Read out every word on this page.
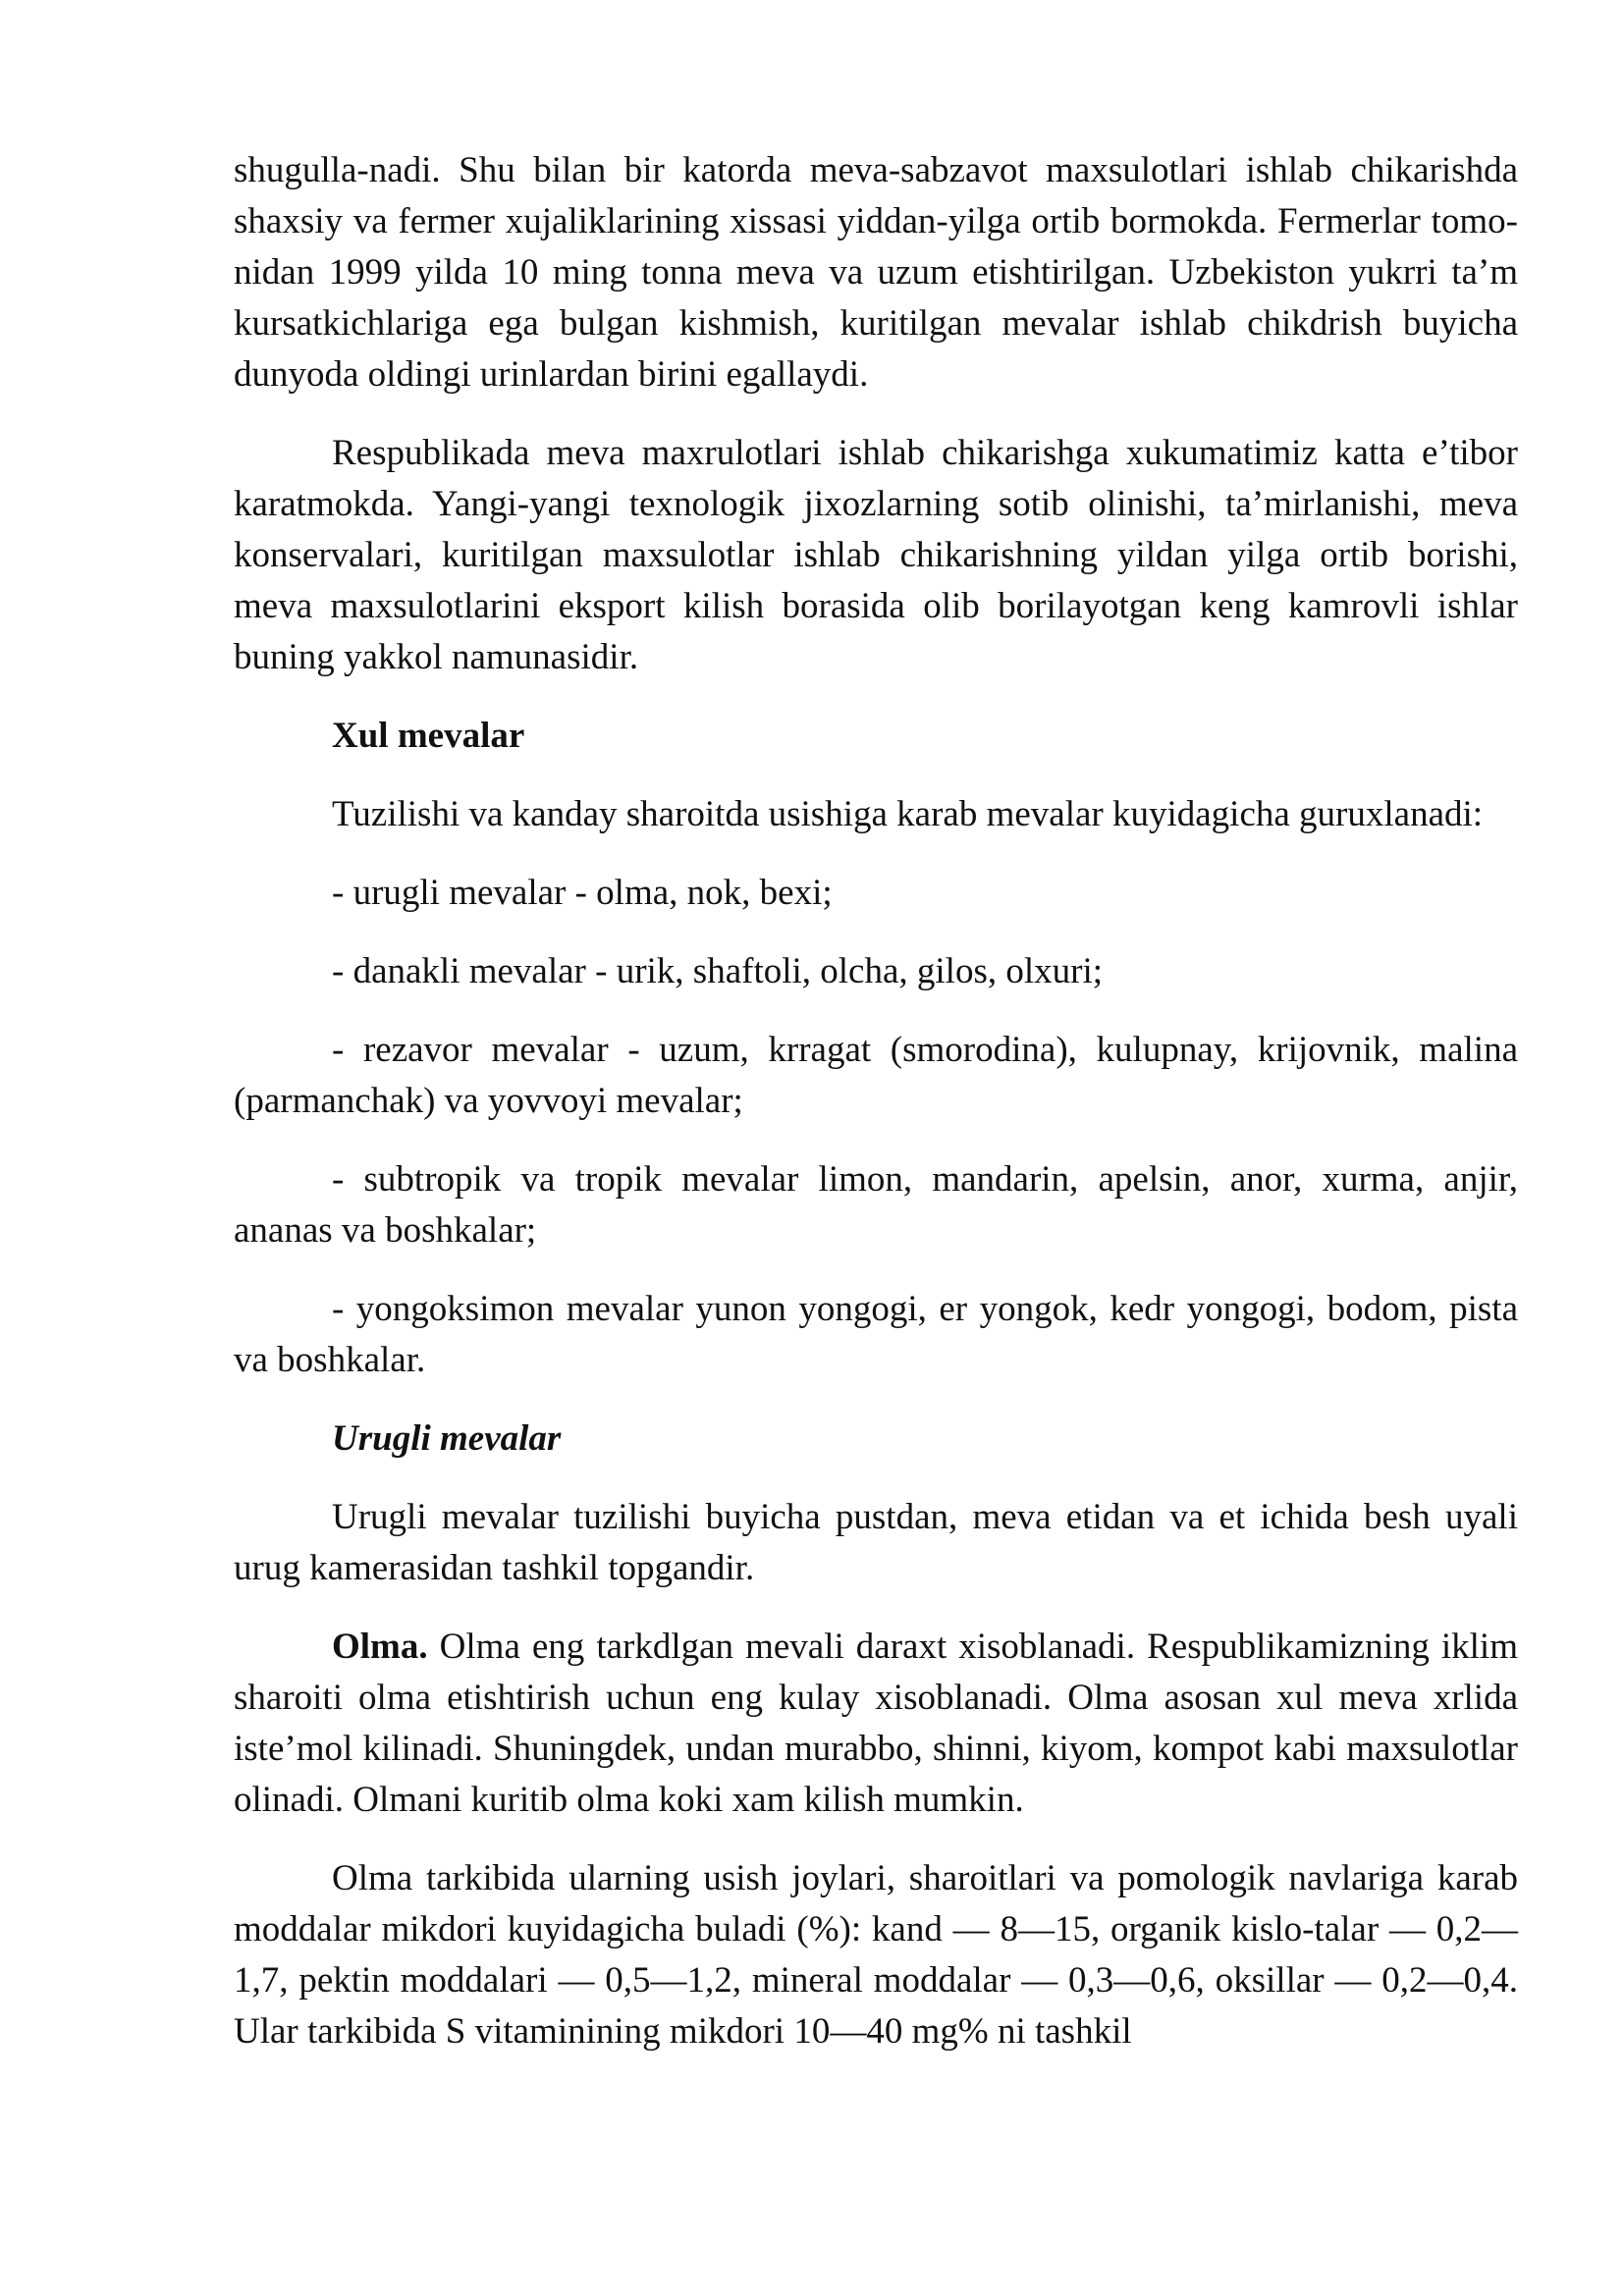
shugulla-nadi. Shu bilan bir katorda meva-sabzavot maxsulotlari ishlab chikarishda shaxsiy va fermer xujaliklarining xissasi yiddan-yilga ortib bormokda. Fermerlar tomo-nidan 1999 yilda 10 ming tonna meva va uzum etishtirilgan. Uzbekiston yukrri ta’m kursatkichlariga ega bulgan kishmish, kuritilgan mevalar ishlab chikdrish buyicha dunyoda oldingi urinlardan birini egallaydi.

Respublikada meva maxrulotlari ishlab chikarishga xukumatimiz katta e’tibor karatmokda. Yangi-yangi texnologik jixozlarning sotib olinishi, ta’mirlanishi, meva konservalari, kuritilgan maxsulotlar ishlab chikarishning yildan yilga ortib borishi, meva maxsulotlarini eksport kilish borasida olib borilayotgan keng kamrovli ishlar buning yakkol namunasidir.

Xul mevalar

Tuzilishi va kanday sharoitda usishiga karab mevalar kuyidagicha guruxlanadi:

- urugli mevalar - olma, nok, bexi;

- danakli mevalar - urik, shaftoli, olcha, gilos, olxuri;

- rezavor mevalar - uzum, krragat (smorodina), kulupnay, krijovnik, malina (parmanchak) va yovvoyi mevalar;

- subtropik va tropik mevalar limon, mandarin, apelsin, anor, xurma, anjir, ananas va boshkalar;

- yongoksimon mevalar yunon yongogi, er yongok, kedr yongogi, bodom, pista va boshkalar.

Urugli mevalar

Urugli mevalar tuzilishi buyicha pustdan, meva etidan va et ichida besh uyali urug kamerasidan tashkil topgandir.

Olma. Olma eng tarkdlgan mevali daraxt xisoblanadi. Respublikamizning iklim sharoiti olma etishtirish uchun eng kulay xisoblanadi. Olma asosan xul meva xrlida iste’mol kilinadi. Shuningdek, undan murabbo, shinni, kiyom, kompot kabi maxsulotlar olinadi. Olmani kuritib olma koki xam kilish mumkin.

Olma tarkibida ularning usish joylari, sharoitlari va pomologik navlariga karab moddalar mikdori kuyidagicha buladi (%): kand — 8—15, organik kislo-talar — 0,2—1,7, pektin moddalari — 0,5—1,2, mineral moddalar — 0,3—0,6, oksillar — 0,2—0,4. Ular tarkibida S vitaminining mikdori 10—40 mg% ni tashkil
